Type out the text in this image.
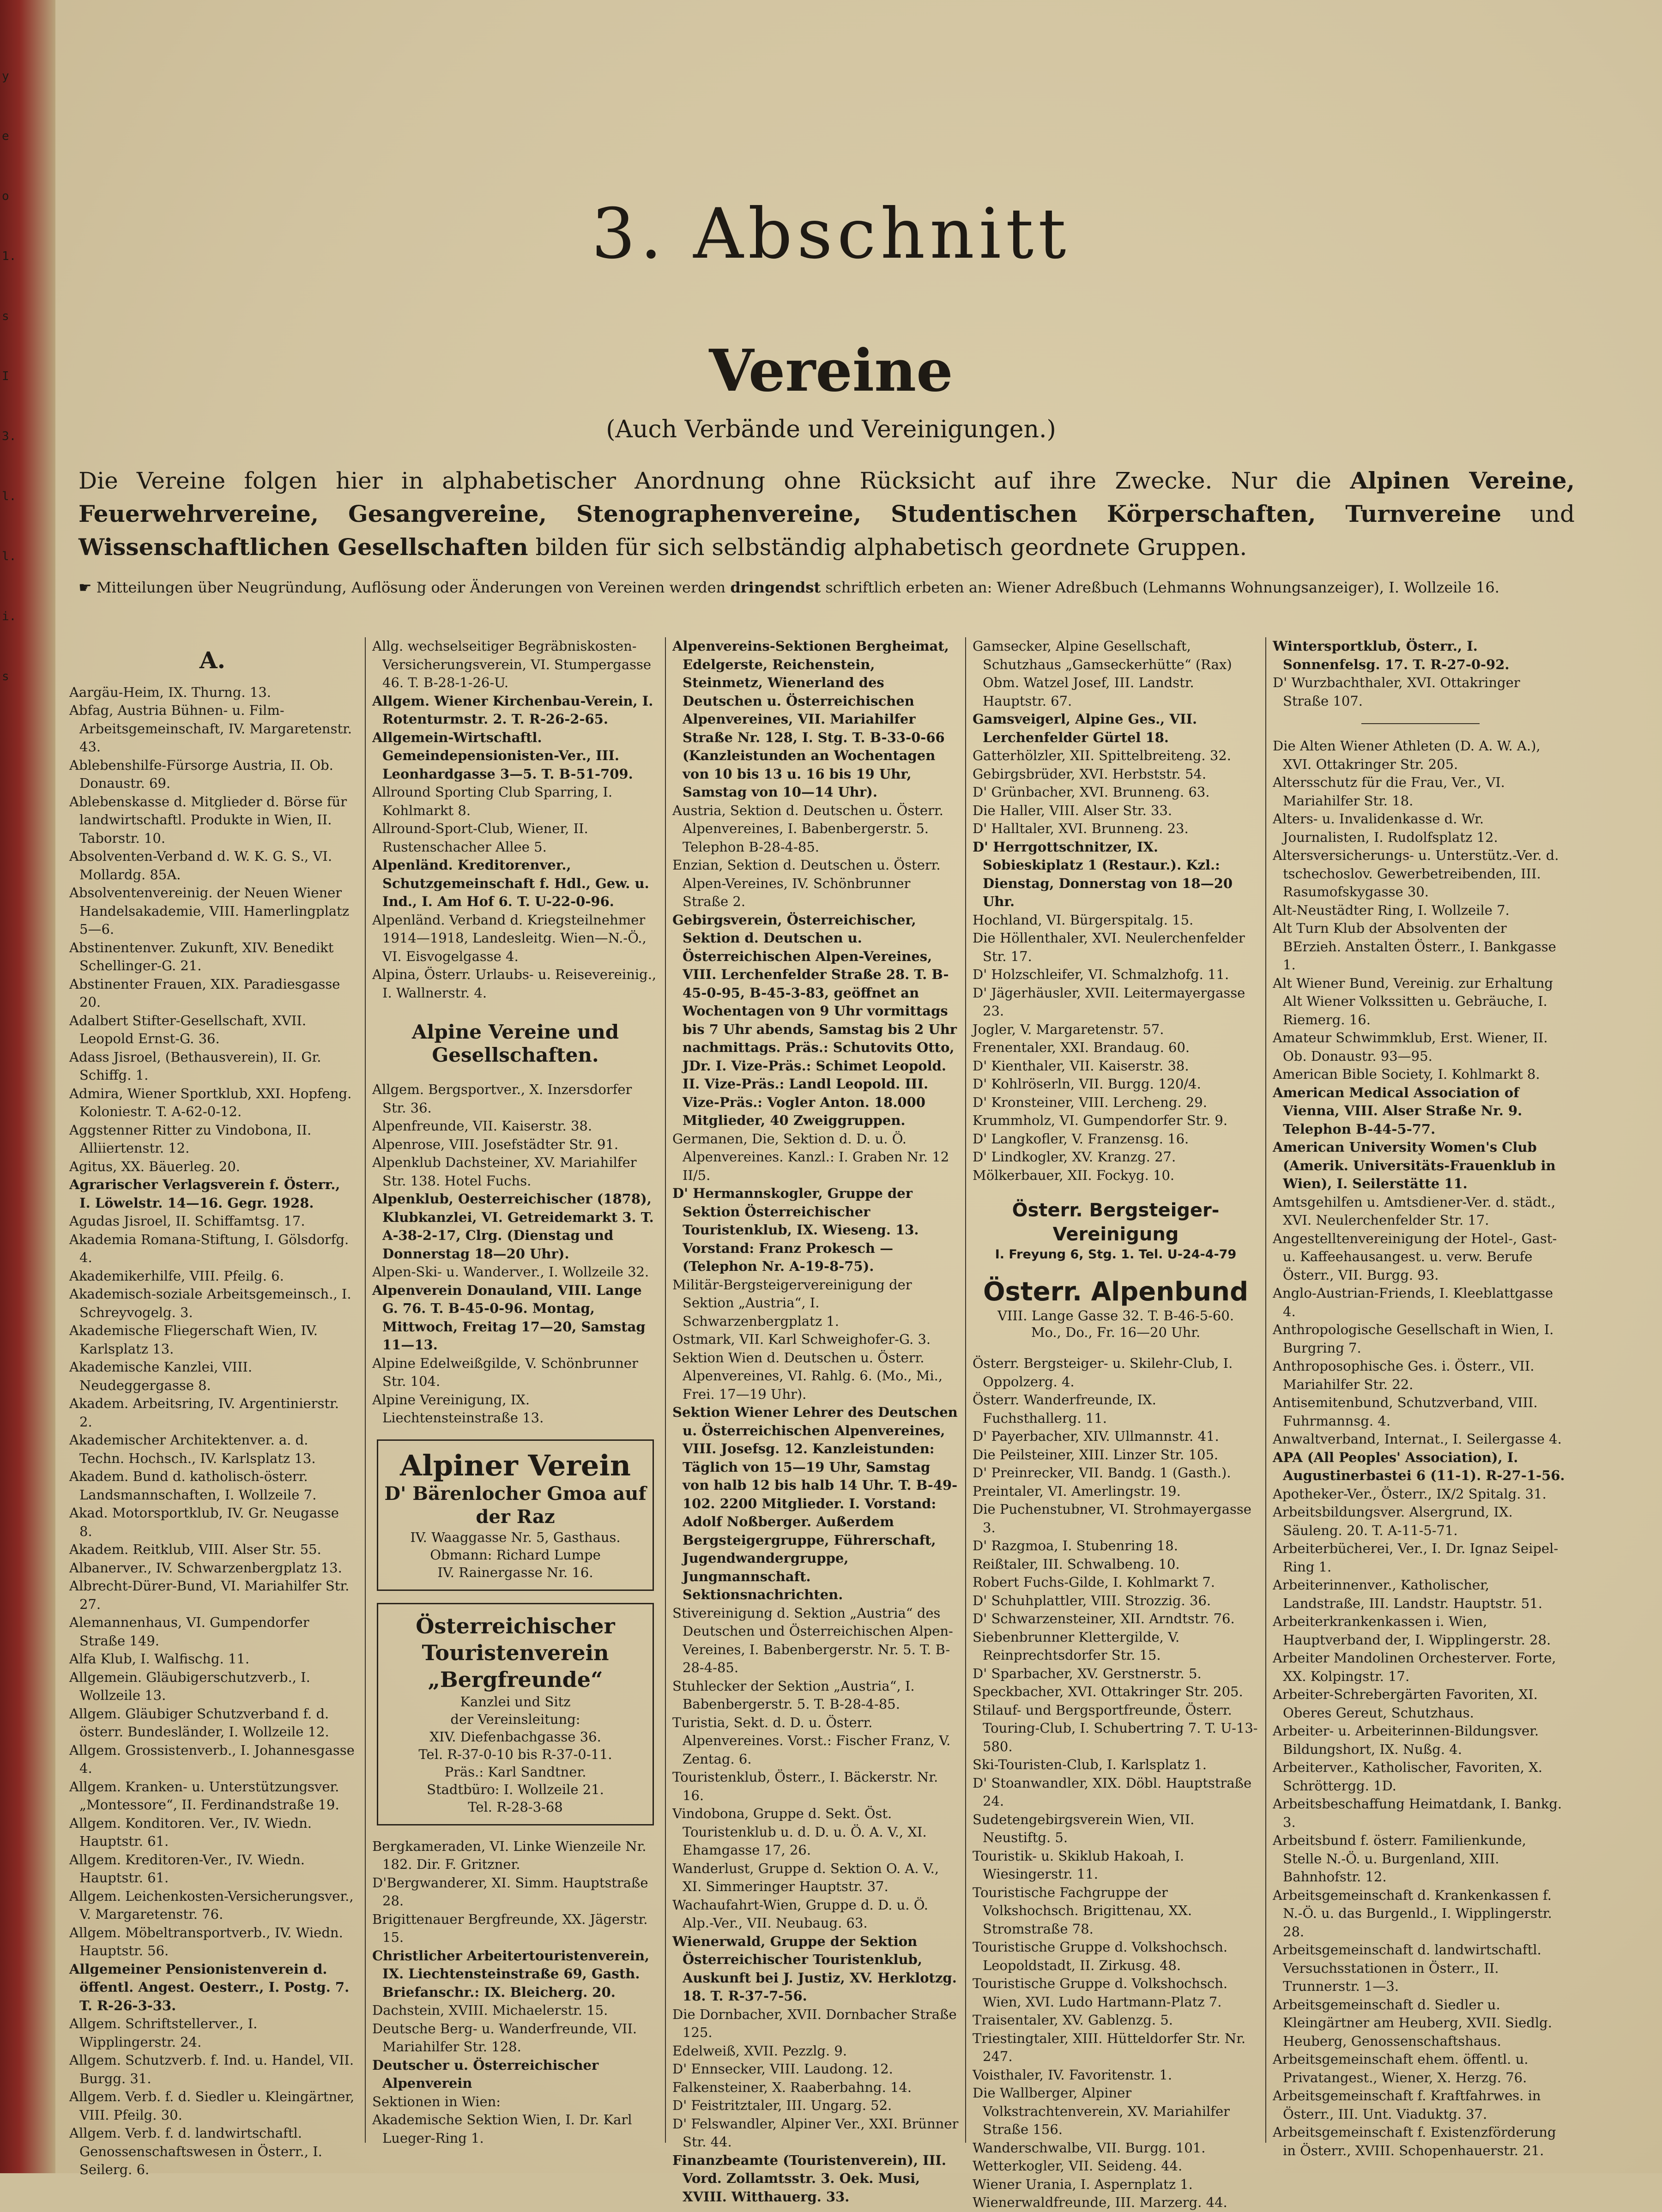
y
e
o
1.
s
I
3.
l.
l.
i.
s
3. Abschnitt
Vereine
(Auch Verbände und Vereinigungen.)
Die Vereine folgen hier in alphabetischer Anordnung ohne Rücksicht auf ihre Zwecke. Nur die Alpinen Vereine, Feuerwehrvereine, Gesangvereine, Stenographenvereine, Studentischen Körperschaften, Turnvereine und Wissenschaftlichen Gesellschaften bilden für sich selbständig alphabetisch geordnete Gruppen.
☛ Mitteilungen über Neugründung, Auflösung oder Änderungen von Vereinen werden dringendst schriftlich erbeten an: Wiener Adreßbuch (Lehmanns Wohnungsanzeiger), I. Wollzeile 16.
A.
Aargäu-Heim, IX. Thurng. 13.
Abfag, Austria Bühnen- u. Film-Arbeitsgemeinschaft, IV. Margaretenstr. 43.
Ablebenshilfe-Fürsorge Austria, II. Ob. Donaustr. 69.
Ablebenskasse d. Mitglieder d. Börse für landwirtschaftl. Produkte in Wien, II. Taborstr. 10.
Absolventen-Verband d. W. K. G. S., VI. Mollardg. 85A.
Absolventenvereinig. der Neuen Wiener Handelsakademie, VIII. Hamerlingplatz 5—6.
Abstinentenver. Zukunft, XIV. Benedikt Schellinger-G. 21.
Abstinenter Frauen, XIX. Paradiesgasse 20.
Adalbert Stifter-Gesellschaft, XVII. Leopold Ernst-G. 36.
Adass Jisroel, (Bethausverein), II. Gr. Schiffg. 1.
Admira, Wiener Sportklub, XXI. Hopfeng. Koloniestr. T. A-62-0-12.
Aggstenner Ritter zu Vindobona, II. Alliiertenstr. 12.
Agitus, XX. Bäuerleg. 20.
Agrarischer Verlagsverein f. Österr., I. Löwelstr. 14—16. Gegr. 1928.
Agudas Jisroel, II. Schiffamtsg. 17.
Akademia Romana-Stiftung, I. Gölsdorfg. 4.
Akademikerhilfe, VIII. Pfeilg. 6.
Akademisch-soziale Arbeitsgemeinsch., I. Schreyvogelg. 3.
Akademische Fliegerschaft Wien, IV. Karlsplatz 13.
Akademische Kanzlei, VIII. Neudeggergasse 8.
Akadem. Arbeitsring, IV. Argentinierstr. 2.
Akademischer Architektenver. a. d. Techn. Hochsch., IV. Karlsplatz 13.
Akadem. Bund d. katholisch-österr. Landsmannschaften, I. Wollzeile 7.
Akad. Motorsportklub, IV. Gr. Neugasse 8.
Akadem. Reitklub, VIII. Alser Str. 55.
Albanerver., IV. Schwarzenbergplatz 13.
Albrecht-Dürer-Bund, VI. Mariahilfer Str. 27.
Alemannenhaus, VI. Gumpendorfer Straße 149.
Alfa Klub, I. Walfischg. 11.
Allgemein. Gläubigerschutzverb., I. Wollzeile 13.
Allgem. Gläubiger Schutzverband f. d. österr. Bundesländer, I. Wollzeile 12.
Allgem. Grossistenverb., I. Johannesgasse 4.
Allgem. Kranken- u. Unterstützungsver. „Montessore“, II. Ferdinandstraße 19.
Allgem. Konditoren. Ver., IV. Wiedn. Hauptstr. 61.
Allgem. Kreditoren-Ver., IV. Wiedn. Hauptstr. 61.
Allgem. Leichenkosten-Versicherungsver., V. Margaretenstr. 76.
Allgem. Möbeltransportverb., IV. Wiedn. Hauptstr. 56.
Allgemeiner Pensionistenverein d. öffentl. Angest. Oesterr., I. Postg. 7. T. R-26-3-33.
Allgem. Schriftstellerver., I. Wipplingerstr. 24.
Allgem. Schutzverb. f. Ind. u. Handel, VII. Burgg. 31.
Allgem. Verb. f. d. Siedler u. Kleingärtner, VIII. Pfeilg. 30.
Allgem. Verb. f. d. landwirtschaftl. Genossenschaftswesen in Österr., I. Seilerg. 6.
Allg. wechselseitiger Begräbniskosten-Versicherungsverein, VI. Stumpergasse 46. T. B-28-1-26-U.
Allgem. Wiener Kirchenbau-Verein, I. Rotenturmstr. 2. T. R-26-2-65.
Allgemein-Wirtschaftl. Gemeindepensionisten-Ver., III. Leonhardgasse 3—5. T. B-51-709.
Allround Sporting Club Sparring, I. Kohlmarkt 8.
Allround-Sport-Club, Wiener, II. Rustenschacher Allee 5.
Alpenländ. Kreditorenver., Schutzgemeinschaft f. Hdl., Gew. u. Ind., I. Am Hof 6. T. U-22-0-96.
Alpenländ. Verband d. Kriegsteilnehmer 1914—1918, Landesleitg. Wien—N.-Ö., VI. Eisvogelgasse 4.
Alpina, Österr. Urlaubs- u. Reisevereinig., I. Wallnerstr. 4.
Alpine Vereine und Gesellschaften.
Allgem. Bergsportver., X. Inzersdorfer Str. 36.
Alpenfreunde, VII. Kaiserstr. 38.
Alpenrose, VIII. Josefstädter Str. 91.
Alpenklub Dachsteiner, XV. Mariahilfer Str. 138. Hotel Fuchs.
Alpenklub, Oesterreichischer (1878), Klubkanzlei, VI. Getreidemarkt 3. T. A-38-2-17, Clrg. (Dienstag und Donnerstag 18—20 Uhr).
Alpen-Ski- u. Wanderver., I. Wollzeile 32.
Alpenverein Donauland, VIII. Lange G. 76. T. B-45-0-96. Montag, Mittwoch, Freitag 17—20, Samstag 11—13.
Alpine Edelweißgilde, V. Schönbrunner Str. 104.
Alpine Vereinigung, IX. Liechtensteinstraße 13.
Alpiner Verein
D' Bärenlocher Gmoa auf der Raz
IV. Waaggasse Nr. 5, Gasthaus.
Obmann: Richard Lumpe
IV. Rainergasse Nr. 16.
Österreichischer Touristenverein „Bergfreunde“
Kanzlei und Sitz
der Vereinsleitung:
XIV. Diefenbachgasse 36.
Tel. R-37-0-10 bis R-37-0-11.
Präs.: Karl Sandtner.
Stadtbüro: I. Wollzeile 21.
Tel. R-28-3-68
Bergkameraden, VI. Linke Wienzeile Nr. 182. Dir. F. Gritzner.
D'Bergwanderer, XI. Simm. Hauptstraße 28.
Brigittenauer Bergfreunde, XX. Jägerstr. 15.
Christlicher Arbeitertouristenverein, IX. Liechtensteinstraße 69, Gasth. Briefanschr.: IX. Bleicherg. 20.
Dachstein, XVIII. Michaelerstr. 15.
Deutsche Berg- u. Wanderfreunde, VII. Mariahilfer Str. 128.
Deutscher u. Österreichischer Alpenverein
Sektionen in Wien:
Akademische Sektion Wien, I. Dr. Karl Lueger-Ring 1.
Alpenvereins-Sektionen Bergheimat, Edelgerste, Reichenstein, Steinmetz, Wienerland des Deutschen u. Österreichischen Alpenvereines, VII. Mariahilfer Straße Nr. 128, I. Stg. T. B-33-0-66 (Kanzleistunden an Wochentagen von 10 bis 13 u. 16 bis 19 Uhr, Samstag von 10—14 Uhr).
Austria, Sektion d. Deutschen u. Österr. Alpenvereines, I. Babenbergerstr. 5. Telephon B-28-4-85.
Enzian, Sektion d. Deutschen u. Österr. Alpen-Vereines, IV. Schönbrunner Straße 2.
Gebirgsverein, Österreichischer, Sektion d. Deutschen u. Österreichischen Alpen-Vereines, VIII. Lerchenfelder Straße 28. T. B-45-0-95, B-45-3-83, geöffnet an Wochentagen von 9 Uhr vormittags bis 7 Uhr abends, Samstag bis 2 Uhr nachmittags. Präs.: Schutovits Otto, JDr. I. Vize-Präs.: Schimet Leopold. II. Vize-Präs.: Landl Leopold. III. Vize-Präs.: Vogler Anton. 18.000 Mitglieder, 40 Zweiggruppen.
Germanen, Die, Sektion d. D. u. Ö. Alpenvereines. Kanzl.: I. Graben Nr. 12 II/5.
D' Hermannskogler, Gruppe der Sektion Österreichischer Touristenklub, IX. Wieseng. 13. Vorstand: Franz Prokesch — (Telephon Nr. A-19-8-75).
Militär-Bergsteigervereinigung der Sektion „Austria“, I. Schwarzenbergplatz 1.
Ostmark, VII. Karl Schweighofer-G. 3.
Sektion Wien d. Deutschen u. Österr. Alpenvereines, VI. Rahlg. 6. (Mo., Mi., Frei. 17—19 Uhr).
Sektion Wiener Lehrer des Deutschen u. Österreichischen Alpenvereines, VIII. Josefsg. 12. Kanzleistunden: Täglich von 15—19 Uhr, Samstag von halb 12 bis halb 14 Uhr. T. B-49-102. 2200 Mitglieder. I. Vorstand: Adolf Noßberger. Außerdem Bergsteigergruppe, Führerschaft, Jugendwandergruppe, Jungmannschaft. Sektionsnachrichten.
Stivereinigung d. Sektion „Austria“ des Deutschen und Österreichischen Alpen-Vereines, I. Babenbergerstr. Nr. 5. T. B-28-4-85.
Stuhlecker der Sektion „Austria“, I. Babenbergerstr. 5. T. B-28-4-85.
Turistia, Sekt. d. D. u. Österr. Alpenvereines. Vorst.: Fischer Franz, V. Zentag. 6.
Touristenklub, Österr., I. Bäckerstr. Nr. 16.
Vindobona, Gruppe d. Sekt. Öst. Touristenklub u. d. D. u. Ö. A. V., XI. Ehamgasse 17, 26.
Wanderlust, Gruppe d. Sektion O. A. V., XI. Simmeringer Hauptstr. 37.
Wachaufahrt-Wien, Gruppe d. D. u. Ö. Alp.-Ver., VII. Neubaug. 63.
Wienerwald, Gruppe der Sektion Österreichischer Touristenklub, Auskunft bei J. Justiz, XV. Herklotzg. 18. T. R-37-7-56.
Die Dornbacher, XVII. Dornbacher Straße 125.
Edelweiß, XVII. Pezzlg. 9.
D' Ennsecker, VIII. Laudong. 12.
Falkensteiner, X. Raaberbahng. 14.
D' Feistritztaler, III. Ungarg. 52.
D' Felswandler, Alpiner Ver., XXI. Brünner Str. 44.
Finanzbeamte (Touristenverein), III. Vord. Zollamtsstr. 3. Oek. Musi, XVIII. Witthauerg. 33.
Gamsecker, Alpine Gesellschaft, Schutzhaus „Gamseckerhütte“ (Rax) Obm. Watzel Josef, III. Landstr. Hauptstr. 67.
Gamsveigerl, Alpine Ges., VII. Lerchenfelder Gürtel 18.
Gatterhölzler, XII. Spittelbreiteng. 32.
Gebirgsbrüder, XVI. Herbststr. 54.
D' Grünbacher, XVI. Brunneng. 63.
Die Haller, VIII. Alser Str. 33.
D' Halltaler, XVI. Brunneng. 23.
D' Herrgottschnitzer, IX. Sobieskiplatz 1 (Restaur.). Kzl.: Dienstag, Donnerstag von 18—20 Uhr.
Hochland, VI. Bürgerspitalg. 15.
Die Höllenthaler, XVI. Neulerchenfelder Str. 17.
D' Holzschleifer, VI. Schmalzhofg. 11.
D' Jägerhäusler, XVII. Leitermayergasse 23.
Jogler, V. Margaretenstr. 57.
Frenentaler, XXI. Brandaug. 60.
D' Kienthaler, VII. Kaiserstr. 38.
D' Kohlröserln, VII. Burgg. 120/4.
D' Kronsteiner, VIII. Lercheng. 29.
Krummholz, VI. Gumpendorfer Str. 9.
D' Langkofler, V. Franzensg. 16.
D' Lindkogler, XV. Kranzg. 27.
Mölkerbauer, XII. Fockyg. 10.
Österr. Bergsteiger-Vereinigung
I. Freyung 6, Stg. 1. Tel. U-24-4-79
Österr. Alpenbund
VIII. Lange Gasse 32. T. B-46-5-60.
Mo., Do., Fr. 16—20 Uhr.
Österr. Bergsteiger- u. Skilehr-Club, I. Oppolzerg. 4.
Österr. Wanderfreunde, IX. Fuchsthallerg. 11.
D' Payerbacher, XIV. Ullmannstr. 41.
Die Peilsteiner, XIII. Linzer Str. 105.
D' Preinrecker, VII. Bandg. 1 (Gasth.).
Preintaler, VI. Amerlingstr. 19.
Die Puchenstubner, VI. Strohmayergasse 3.
D' Razgmoa, I. Stubenring 18.
Reißtaler, III. Schwalbeng. 10.
Robert Fuchs-Gilde, I. Kohlmarkt 7.
D' Schuhplattler, VIII. Strozzig. 36.
D' Schwarzensteiner, XII. Arndtstr. 76.
Siebenbrunner Klettergilde, V. Reinprechtsdorfer Str. 15.
D' Sparbacher, XV. Gerstnerstr. 5.
Speckbacher, XVI. Ottakringer Str. 205.
Stilauf- und Bergsportfreunde, Österr. Touring-Club, I. Schubertring 7. T. U-13-580.
Ski-Touristen-Club, I. Karlsplatz 1.
D' Stoanwandler, XIX. Döbl. Hauptstraße 24.
Sudetengebirgsverein Wien, VII. Neustiftg. 5.
Touristik- u. Skiklub Hakoah, I. Wiesingerstr. 11.
Touristische Fachgruppe der Volkshochsch. Brigittenau, XX. Stromstraße 78.
Touristische Gruppe d. Volkshochsch. Leopoldstadt, II. Zirkusg. 48.
Touristische Gruppe d. Volkshochsch. Wien, XVI. Ludo Hartmann-Platz 7.
Traisentaler, XV. Gablenzg. 5.
Triestingtaler, XIII. Hütteldorfer Str. Nr. 247.
Voisthaler, IV. Favoritenstr. 1.
Die Wallberger, Alpiner Volkstrachtenverein, XV. Mariahilfer Straße 156.
Wanderschwalbe, VII. Burgg. 101.
Wetterkogler, VII. Seideng. 44.
Wiener Urania, I. Aspernplatz 1.
Wienerwaldfreunde, III. Marzerg. 44.
Wintersportklub, Österr., I. Sonnenfelsg. 17. T. R-27-0-92.
D' Wurzbachthaler, XVI. Ottakringer Straße 107.
Die Alten Wiener Athleten (D. A. W. A.), XVI. Ottakringer Str. 205.
Altersschutz für die Frau, Ver., VI. Mariahilfer Str. 18.
Alters- u. Invalidenkasse d. Wr. Journalisten, I. Rudolfsplatz 12.
Altersversicherungs- u. Unterstütz.-Ver. d. tschechoslov. Gewerbetreibenden, III. Rasumofskygasse 30.
Alt-Neustädter Ring, I. Wollzeile 7.
Alt Turn Klub der Absolventen der BErzieh. Anstalten Österr., I. Bankgasse 1.
Alt Wiener Bund, Vereinig. zur Erhaltung Alt Wiener Volkssitten u. Gebräuche, I. Riemerg. 16.
Amateur Schwimmklub, Erst. Wiener, II. Ob. Donaustr. 93—95.
American Bible Society, I. Kohlmarkt 8.
American Medical Association of Vienna, VIII. Alser Straße Nr. 9. Telephon B-44-5-77.
American University Women's Club (Amerik. Universitäts-Frauenklub in Wien), I. Seilerstätte 11.
Amtsgehilfen u. Amtsdiener-Ver. d. städt., XVI. Neulerchenfelder Str. 17.
Angestelltenvereinigung der Hotel-, Gast- u. Kaffeehausangest. u. verw. Berufe Österr., VII. Burgg. 93.
Anglo-Austrian-Friends, I. Kleeblattgasse 4.
Anthropologische Gesellschaft in Wien, I. Burgring 7.
Anthroposophische Ges. i. Österr., VII. Mariahilfer Str. 22.
Antisemitenbund, Schutzverband, VIII. Fuhrmannsg. 4.
Anwaltverband, Internat., I. Seilergasse 4.
APA (All Peoples' Association), I. Augustinerbastei 6 (11-1). R-27-1-56.
Apotheker-Ver., Österr., IX/2 Spitalg. 31.
Arbeitsbildungsver. Alsergrund, IX. Säuleng. 20. T. A-11-5-71.
Arbeiterbücherei, Ver., I. Dr. Ignaz Seipel-Ring 1.
Arbeiterinnenver., Katholischer, Landstraße, III. Landstr. Hauptstr. 51.
Arbeiterkrankenkassen i. Wien, Hauptverband der, I. Wipplingerstr. 28.
Arbeiter Mandolinen Orchesterver. Forte, XX. Kolpingstr. 17.
Arbeiter-Schrebergärten Favoriten, XI. Oberes Gereut, Schutzhaus.
Arbeiter- u. Arbeiterinnen-Bildungsver. Bildungshort, IX. Nußg. 4.
Arbeiterver., Katholischer, Favoriten, X. Schröttergg. 1D.
Arbeitsbeschaffung Heimatdank, I. Bankg. 3.
Arbeitsbund f. österr. Familienkunde, Stelle N.-Ö. u. Burgenland, XIII. Bahnhofstr. 12.
Arbeitsgemeinschaft d. Krankenkassen f. N.-Ö. u. das Burgenld., I. Wipplingerstr. 28.
Arbeitsgemeinschaft d. landwirtschaftl. Versuchsstationen in Österr., II. Trunnerstr. 1—3.
Arbeitsgemeinschaft d. Siedler u. Kleingärtner am Heuberg, XVII. Siedlg. Heuberg, Genossenschaftshaus.
Arbeitsgemeinschaft ehem. öffentl. u. Privatangest., Wiener, X. Herzg. 76.
Arbeitsgemeinschaft f. Kraftfahrwes. in Österr., III. Unt. Viaduktg. 37.
Arbeitsgemeinschaft f. Existenzförderung in Österr., XVIII. Schopenhauerstr. 21.
